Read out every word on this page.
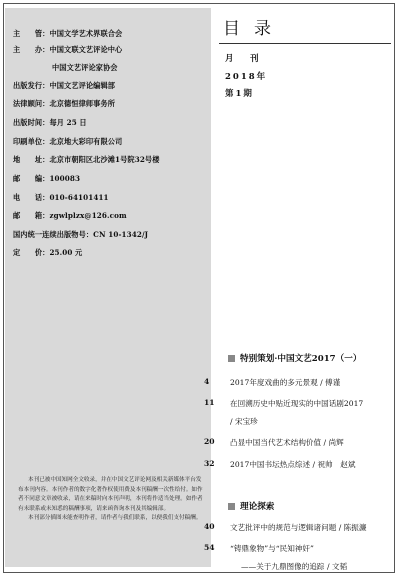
主　　管：中国文学艺术界联合会
主　　办：中国文联文艺评论中心
中国文艺评论家协会
出版发行：中国文艺评论编辑部
法律顾问：北京德恒律师事务所
出版时间：每月 25 日
印刷单位：北京地大彩印有限公司
地　　址：北京市朝阳区北沙滩1号院32号楼
邮　　编：100083
电　　话：010-64101411
邮　　箱：zgwlplzx@126.com
国内统一连续出版物号：CN 10-1342/J
定　　价：25.00 元

本刊已被中国知网全文收录，并在中国文艺评论网及相关新媒体平台发布本刊内容。本刊作者的数字化著作权使用费及本刊稿酬一次性给付。如作者不同意文章被收录，请在来稿时向本刊声明，本刊将作适当处理。如作者有未联系或未知悉的稿酬事项，请来函咨询本刊及其编辑部。

本刊部分插图未能查明作者，请作者与我们联系，以便我们支付稿酬。

目录
月　刊
2018年
第1期
特别策划·中国文艺2017（一）
4	2017年度戏曲的多元景观 / 傅谨
11	在回溯历史中贴近现实的中国话剧2017
/ 宋宝珍
20	凸显中国当代艺术结构价值 / 尚辉
32	2017中国书坛热点综述 / 祝帅　赵斌
理论探索
40	文艺批评中的规范与逻辑诸问题 / 陈振濂
54	“铸鼎象物”与“民知神奸”
——关于九鼎图像的追踪 / 文韬
